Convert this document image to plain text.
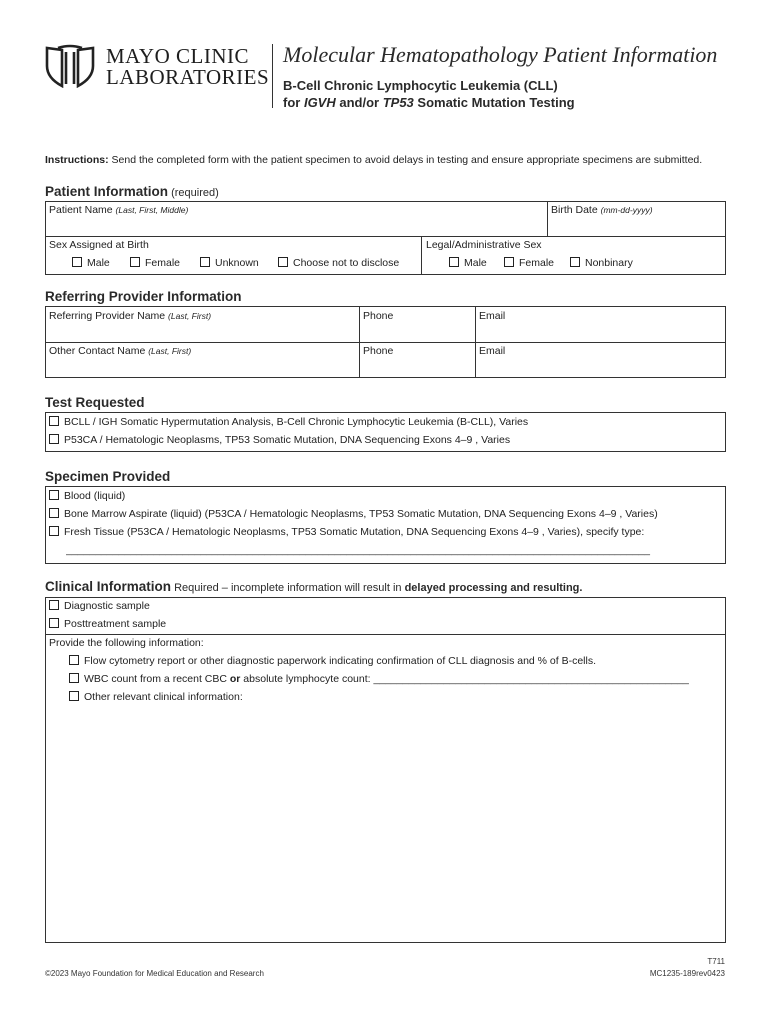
MAYO CLINIC
LABORATORIES
Molecular Hematopathology Patient Information
B-Cell Chronic Lymphocytic Leukemia (CLL)
for IGVH and/or TP53 Somatic Mutation Testing
Instructions: Send the completed form with the patient specimen to avoid delays in testing and ensure appropriate specimens are submitted.
Patient Information (required)
Patient Name (Last, First, Middle)	Birth Date (mm-dd-yyyy)
Sex Assigned at Birth
Male	Female	Unknown	Choose not to disclose
Legal/Administrative Sex
Male	Female	Nonbinary
Referring Provider Information
Referring Provider Name (Last, First)	Phone	Email
Other Contact Name (Last, First)	Phone	Email
Test Requested
BCLL / IGH Somatic Hypermutation Analysis, B-Cell Chronic Lymphocytic Leukemia (B-CLL), Varies
P53CA / Hematologic Neoplasms, TP53 Somatic Mutation, DNA Sequencing Exons 4–9 , Varies
Specimen Provided
Blood (liquid)
Bone Marrow Aspirate (liquid) (P53CA / Hematologic Neoplasms, TP53 Somatic Mutation, DNA Sequencing Exons 4–9 , Varies)
Fresh Tissue (P53CA / Hematologic Neoplasms, TP53 Somatic Mutation, DNA Sequencing Exons 4–9 , Varies), specify type:
____________________________________________________________________________________________________
Clinical Information Required – incomplete information will result in delayed processing and resulting.
Diagnostic sample
Posttreatment sample
Provide the following information:
Flow cytometry report or other diagnostic paperwork indicating confirmation of CLL diagnosis and % of B-cells.
WBC count from a recent CBC or absolute lymphocyte count: ______________________________________________________
Other relevant clinical information:
©2023 Mayo Foundation for Medical Education and Research
T711
MC1235-189rev0423
